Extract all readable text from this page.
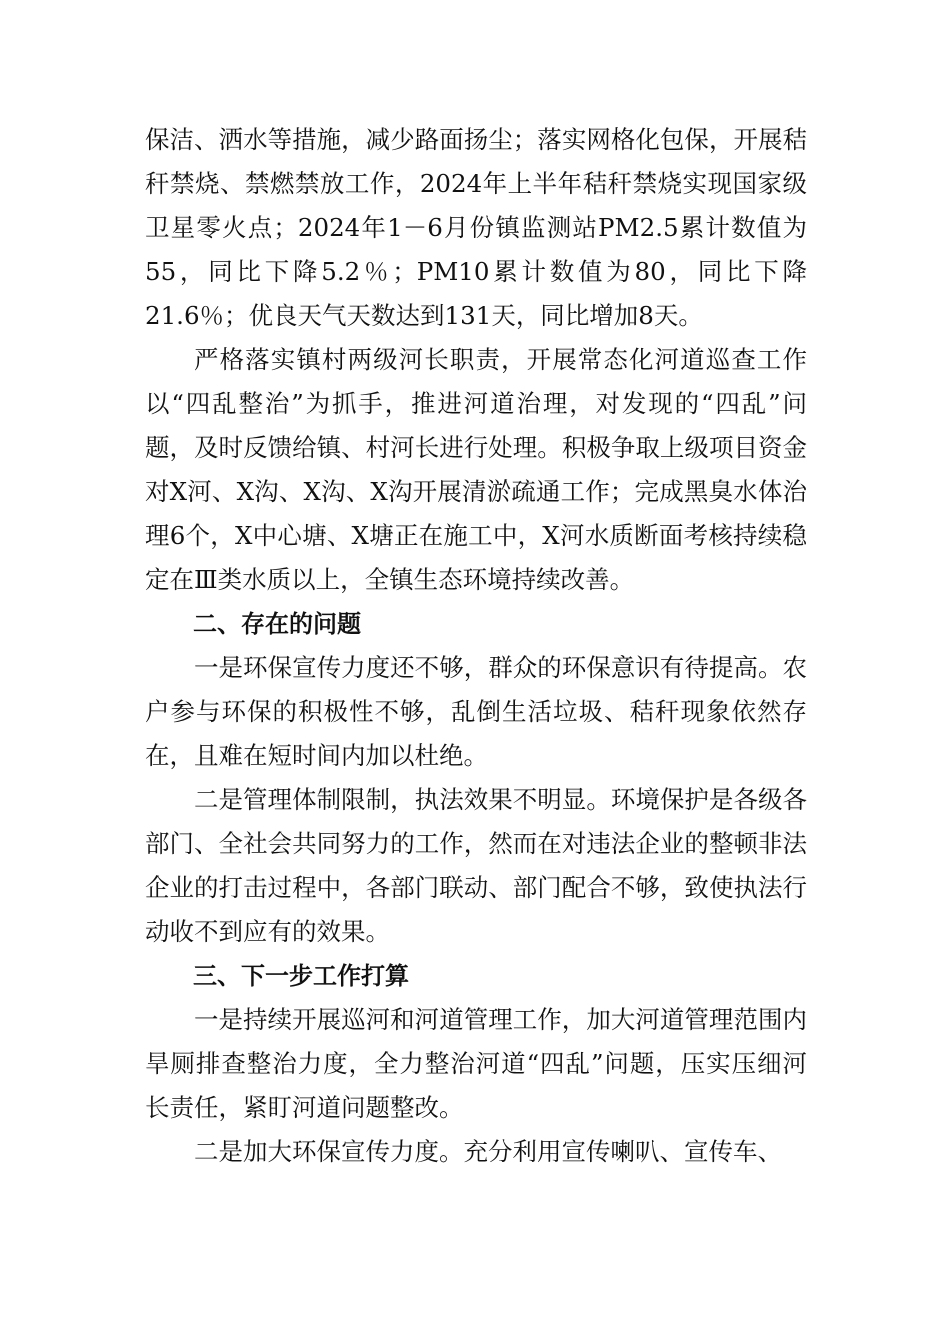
保洁、洒水等措施，减少路面扬尘；落实网格化包保，开展秸秆禁烧、禁燃禁放工作，2024年上半年秸秆禁烧实现国家级卫星零火点；2024年1－6月份镇监测站PM2.5累计数值为55，同比下降5.2％；PM10累计数值为80，同比下降21.6％；优良天气天数达到131天，同比增加8天。

严格落实镇村两级河长职责，开展常态化河道巡查工作以“四乱整治”为抓手，推进河道治理，对发现的“四乱”问题，及时反馈给镇、村河长进行处理。积极争取上级项目资金对X河、X沟、X沟、X沟开展清淤疏通工作；完成黑臭水体治理6个，X中心塘、X塘正在施工中，X河水质断面考核持续稳定在Ⅲ类水质以上，全镇生态环境持续改善。

二、存在的问题

一是环保宣传力度还不够，群众的环保意识有待提高。农户参与环保的积极性不够，乱倒生活垃圾、秸秆现象依然存在，且难在短时间内加以杜绝。

二是管理体制限制，执法效果不明显。环境保护是各级各部门、全社会共同努力的工作，然而在对违法企业的整顿非法企业的打击过程中，各部门联动、部门配合不够，致使执法行动收不到应有的效果。

三、下一步工作打算

一是持续开展巡河和河道管理工作，加大河道管理范围内旱厕排查整治力度，全力整治河道“四乱”问题，压实压细河长责任，紧盯河道问题整改。

二是加大环保宣传力度。充分利用宣传喇叭、宣传车、
